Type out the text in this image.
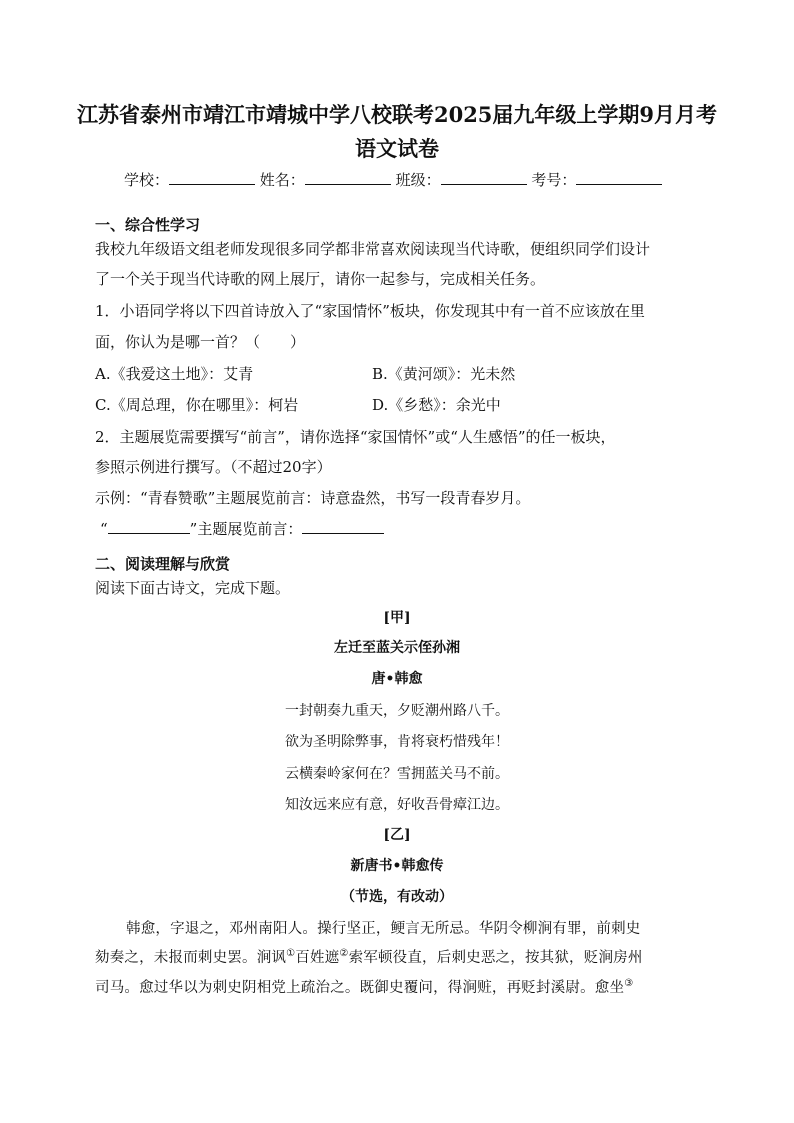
江苏省泰州市靖江市靖城中学八校联考2025届九年级上学期9月月考
语文试卷
学校：	姓名：	班级：	考号：
一、综合性学习
我校九年级语文组老师发现很多同学都非常喜欢阅读现当代诗歌，便组织同学们设计
了一个关于现当代诗歌的网上展厅，请你一起参与，完成相关任务。
1．小语同学将以下四首诗放入了“家国情怀”板块，你发现其中有一首不应该放在里
面，你认为是哪一首？（　　）
A.《我爱这土地》：艾青	B.《黄河颂》：光未然
C.《周总理，你在哪里》：柯岩	D.《乡愁》：余光中
2．主题展览需要撰写“前言”，请你选择“家国情怀”或“人生感悟”的任一板块，
参照示例进行撰写。（不超过20字）
示例：“青春赞歌”主题展览前言：诗意盎然，书写一段青春岁月。
“	”主题展览前言：
二、阅读理解与欣赏
阅读下面古诗文，完成下题。
[甲]
左迁至蓝关示侄孙湘
唐•韩愈
一封朝奏九重天，夕贬潮州路八千。
欲为圣明除弊事，肯将衰朽惜残年！
云横秦岭家何在？雪拥蓝关马不前。
知汝远来应有意，好收吾骨瘴江边。
[乙]
新唐书•韩愈传
（节选，有改动）
韩愈，字退之，邓州南阳人。操行坚正，鲠言无所忌。华阴令柳涧有罪，前刺史
劾奏之，未报而刺史罢。涧讽①百姓遮②索军顿役直，后刺史恶之，按其狱，贬涧房州
司马。愈过华以为刺史阴相党上疏治之。既御史覆问，得涧赃，再贬封溪尉。愈坐③
